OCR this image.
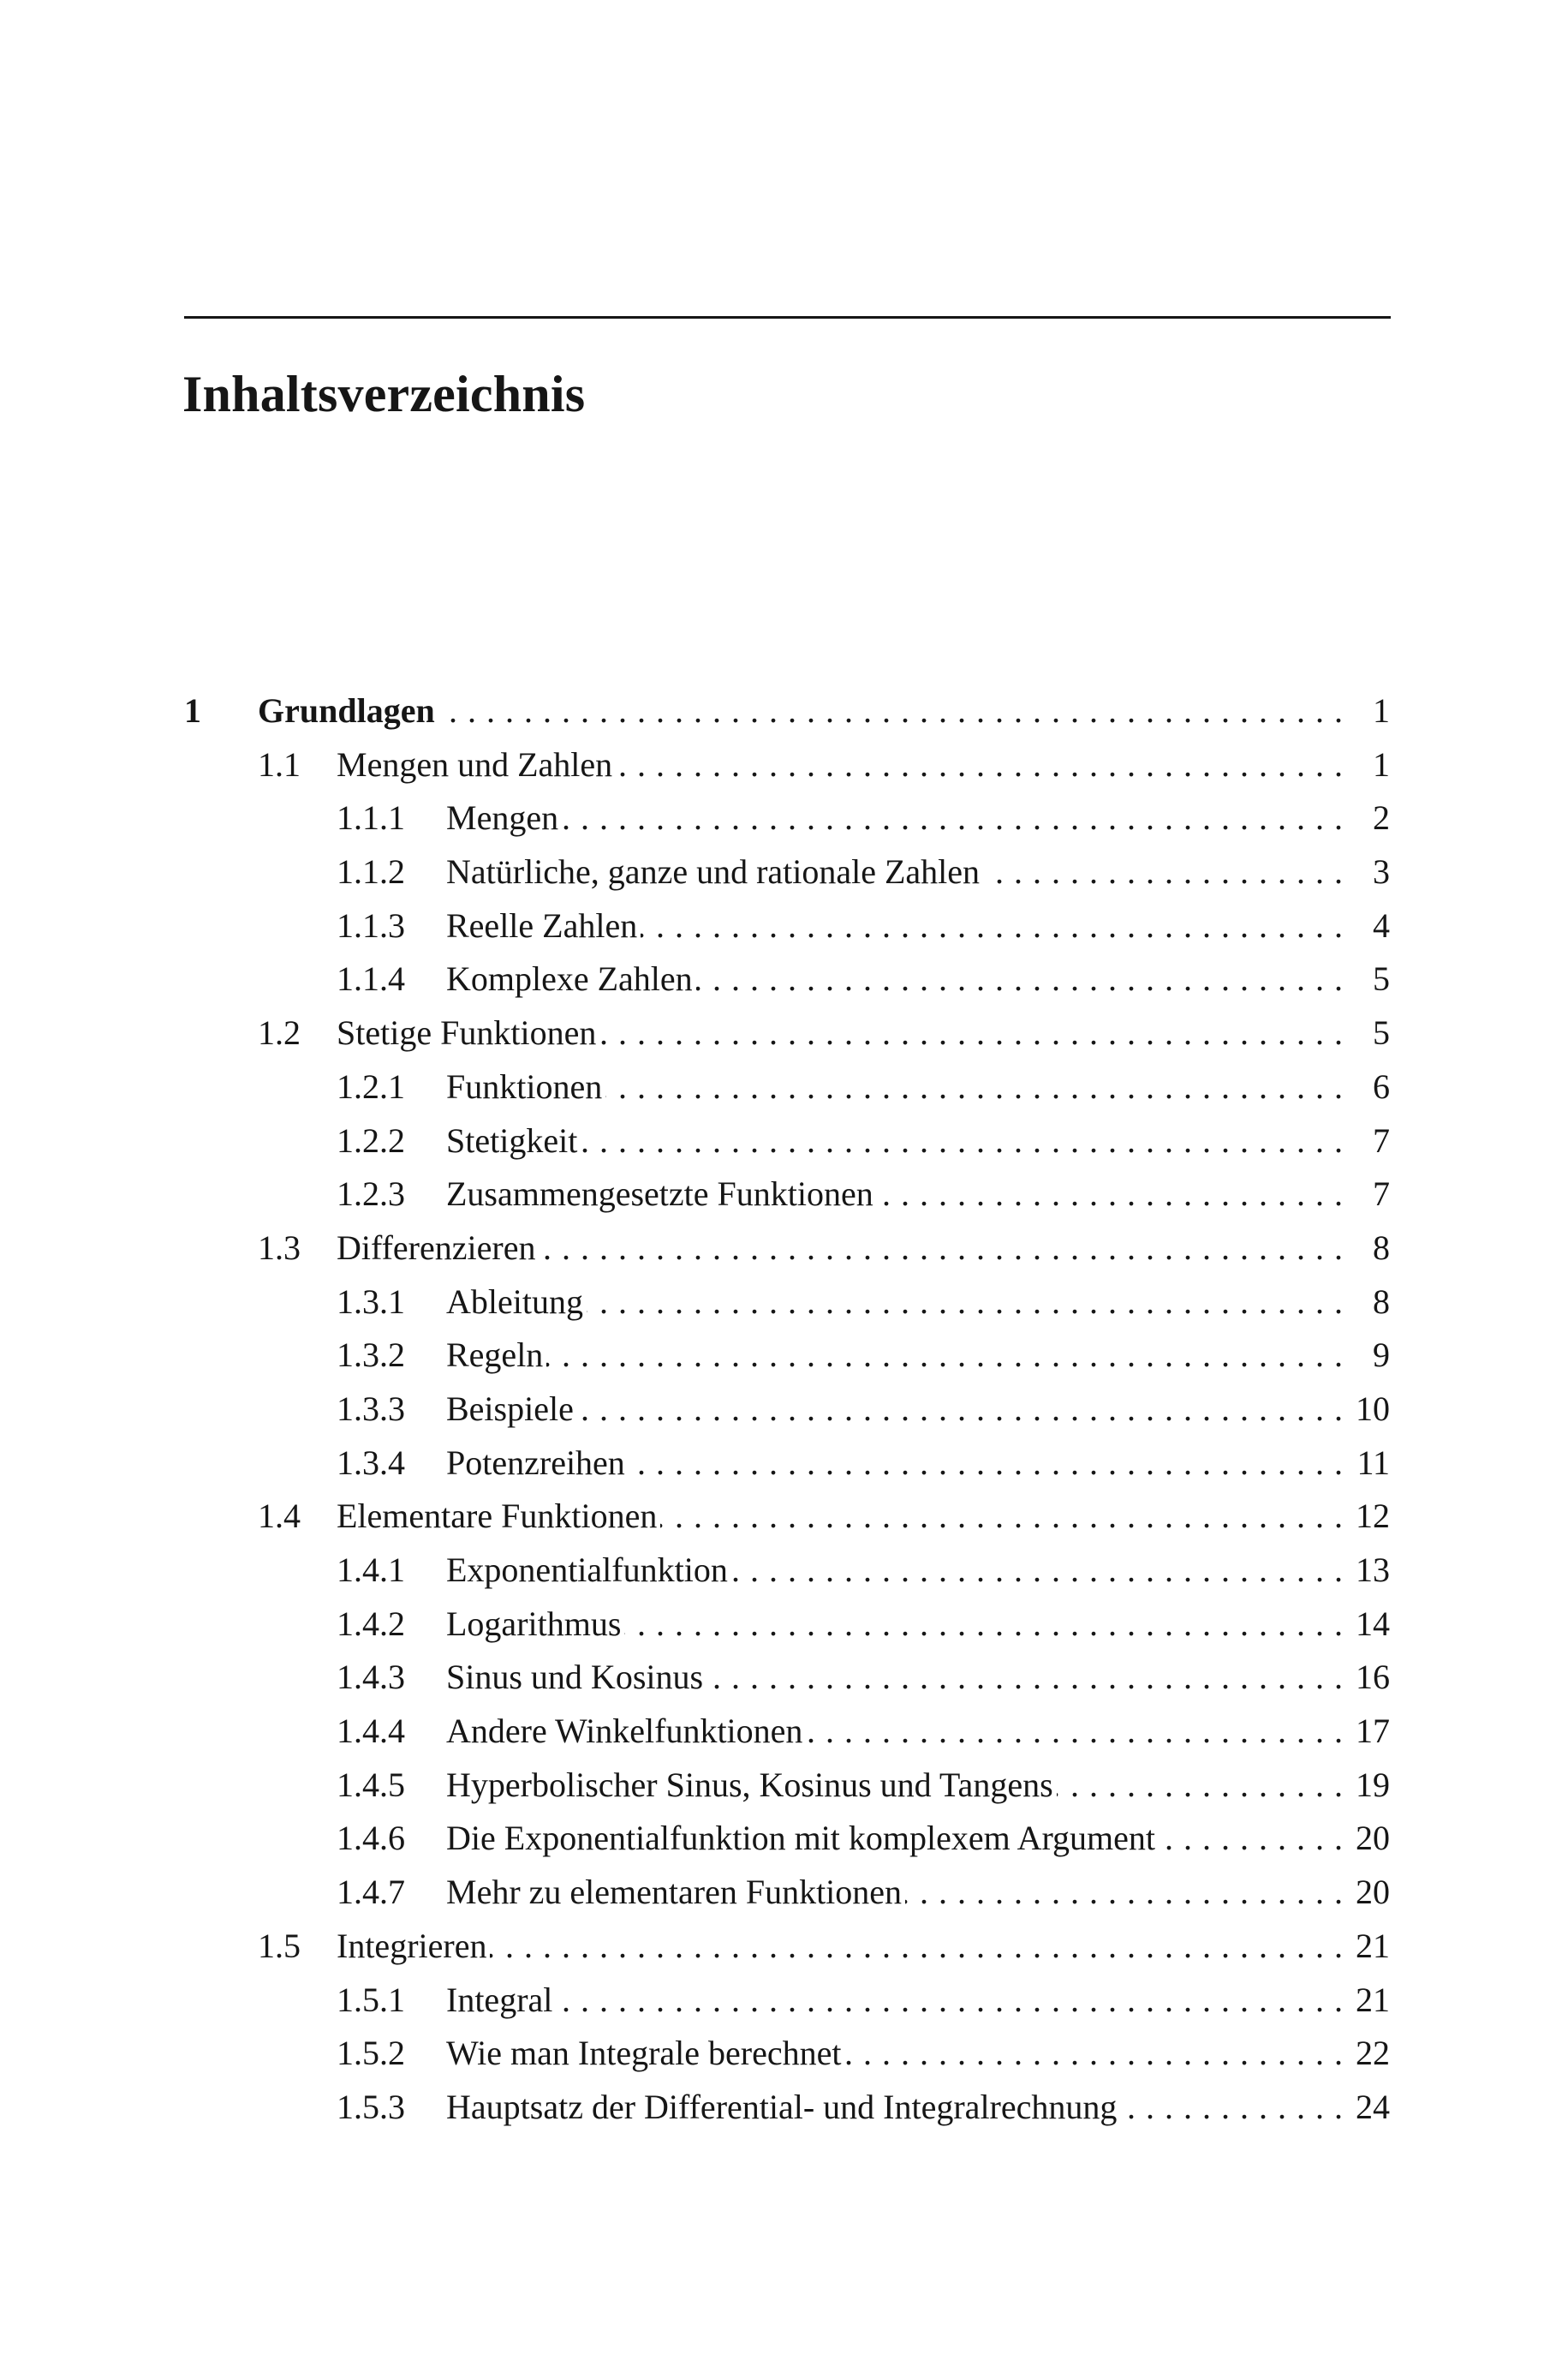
Inhaltsverzeichnis
1 Grundlagen . . .	1
1.1 Mengen und Zahlen . . .	1
1.1.1 Mengen . . .	2
1.1.2 Natürliche, ganze und rationale Zahlen . . .	3
1.1.3 Reelle Zahlen . . .	4
1.1.4 Komplexe Zahlen . . .	5
1.2 Stetige Funktionen . . .	5
1.2.1 Funktionen . . .	6
1.2.2 Stetigkeit . . .	7
1.2.3 Zusammengesetzte Funktionen . . .	7
1.3 Differenzieren . . .	8
1.3.1 Ableitung . . .	8
1.3.2 Regeln . . .	9
1.3.3 Beispiele . . .	10
1.3.4 Potenzreihen . . .	11
1.4 Elementare Funktionen . . .	12
1.4.1 Exponentialfunktion . . .	13
1.4.2 Logarithmus . . .	14
1.4.3 Sinus und Kosinus . . .	16
1.4.4 Andere Winkelfunktionen . . .	17
1.4.5 Hyperbolischer Sinus, Kosinus und Tangens . . .	19
1.4.6 Die Exponentialfunktion mit komplexem Argument . . .	20
1.4.7 Mehr zu elementaren Funktionen . . .	20
1.5 Integrieren . . .	21
1.5.1 Integral . . .	21
1.5.2 Wie man Integrale berechnet . . .	22
1.5.3 Hauptsatz der Differential- und Integralrechnung . . .	24
